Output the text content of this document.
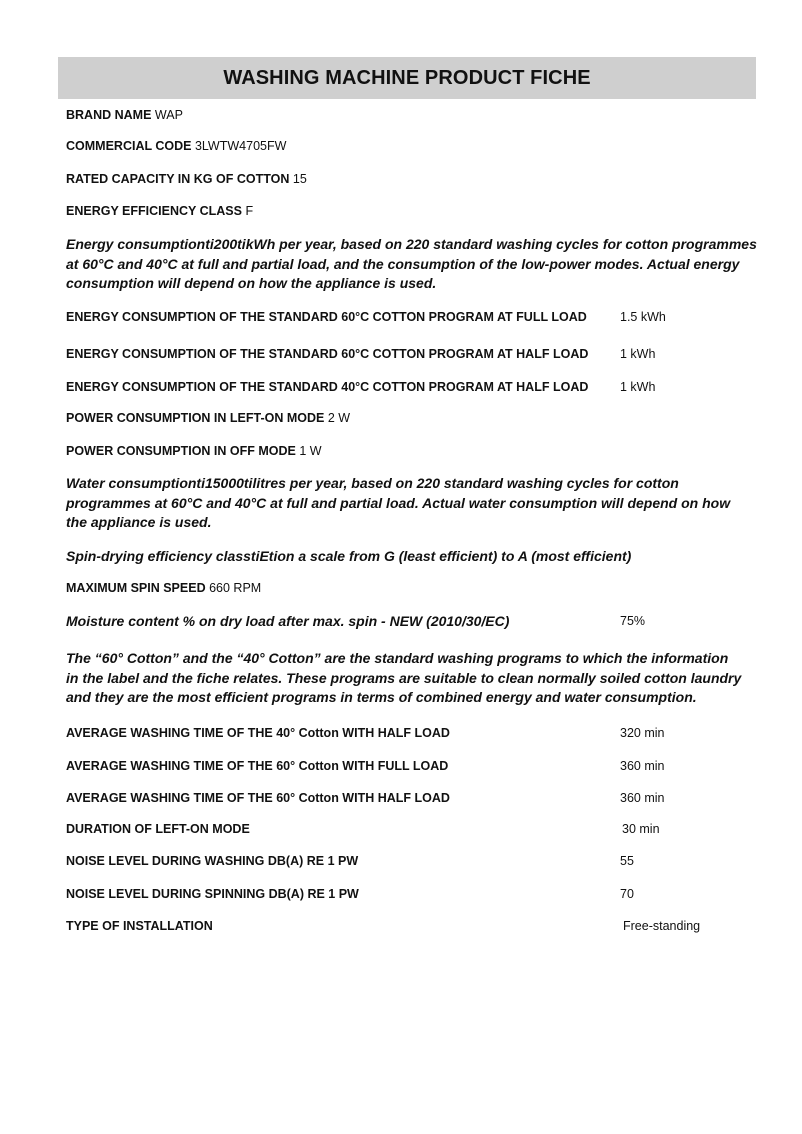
WASHING MACHINE PRODUCT FICHE
BRAND NAME WAP
COMMERCIAL CODE 3LWTW4705FW
RATED CAPACITY IN KG OF COTTON 15
ENERGY EFFICIENCY CLASS F

Energy consumptionti200tikWh per year, based on 220 standard washing cycles for cotton programmes

at 60°C and 40°C at full and partial load, and the consumption of the low-power modes. Actual energy

consumption will depend on how the appliance is used.

ENERGY CONSUMPTION OF THE STANDARD 60°C COTTON PROGRAM AT FULL LOAD	1.5 kWh
ENERGY CONSUMPTION OF THE STANDARD 60°C COTTON PROGRAM AT HALF LOAD	1 kWh
ENERGY CONSUMPTION OF THE STANDARD 40°C COTTON PROGRAM AT HALF LOAD	1 kWh
POWER CONSUMPTION IN LEFT-ON MODE 2 W
POWER CONSUMPTION IN OFF MODE 1 W

Water consumptionti15000tilitres per year, based on 220 standard washing cycles for cotton

programmes at 60°C and 40°C at full and partial load. Actual water consumption will depend on how

the appliance is used.

Spin-drying efficiency classtiEtion a scale from G (least efficient) to A (most efficient)

MAXIMUM SPIN SPEED 660 RPM
Moisture content % on dry load after max. spin - NEW (2010/30/EC)	75%

The “60° Cotton” and the “40° Cotton” are the standard washing programs to which the information

in the label and the fiche relates. These programs are suitable to clean normally soiled cotton laundry

and they are the most efficient programs in terms of combined energy and water consumption.

AVERAGE WASHING TIME OF THE 40° Cotton WITH HALF LOAD	320 min
AVERAGE WASHING TIME OF THE 60° Cotton WITH FULL LOAD	360 min
AVERAGE WASHING TIME OF THE 60° Cotton WITH HALF LOAD	360 min
DURATION OF LEFT-ON MODE	30 min
NOISE LEVEL DURING WASHING DB(A) RE 1 PW	55
NOISE LEVEL DURING SPINNING DB(A) RE 1 PW	70
TYPE OF INSTALLATION	Free-standing
